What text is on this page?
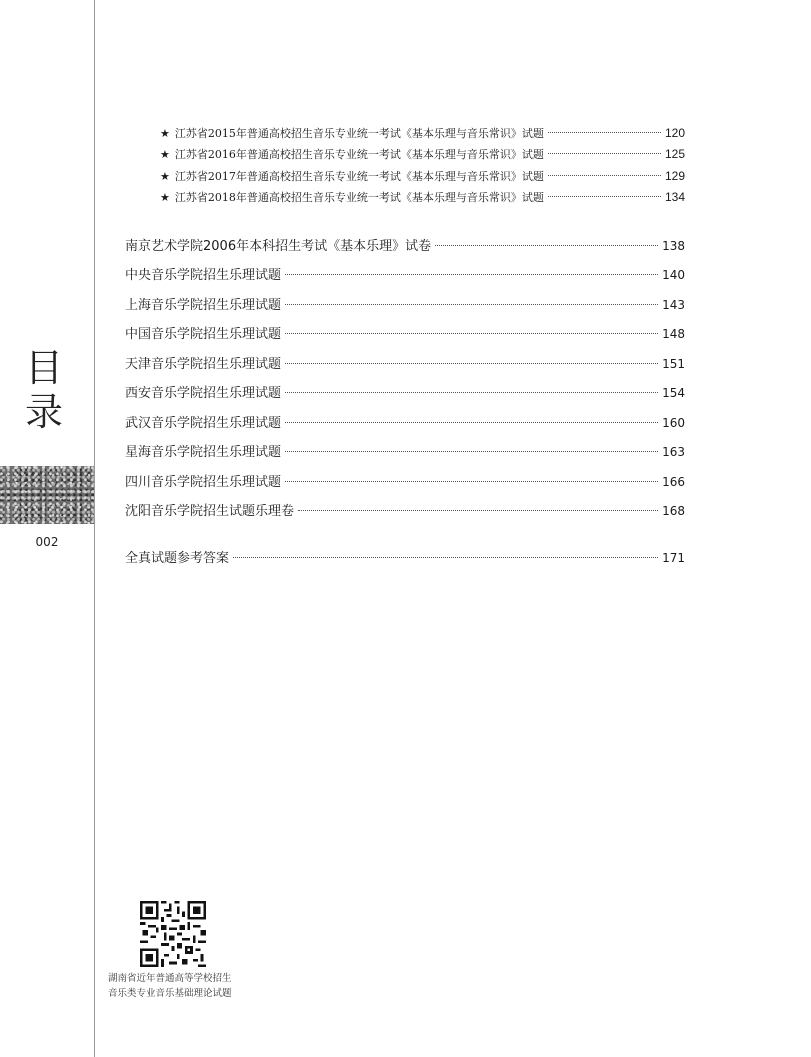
目
录
002
★ 江苏省2015年普通高校招生音乐专业统一考试《基本乐理与音乐常识》试题	120
★ 江苏省2016年普通高校招生音乐专业统一考试《基本乐理与音乐常识》试题	125
★ 江苏省2017年普通高校招生音乐专业统一考试《基本乐理与音乐常识》试题	129
★ 江苏省2018年普通高校招生音乐专业统一考试《基本乐理与音乐常识》试题	134
南京艺术学院2006年本科招生考试《基本乐理》试卷	138
中央音乐学院招生乐理试题	140
上海音乐学院招生乐理试题	143
中国音乐学院招生乐理试题	148
天津音乐学院招生乐理试题	151
西安音乐学院招生乐理试题	154
武汉音乐学院招生乐理试题	160
星海音乐学院招生乐理试题	163
四川音乐学院招生乐理试题	166
沈阳音乐学院招生试题乐理卷	168
全真试题参考答案	171
湖南省近年普通高等学校招生
音乐类专业音乐基础理论试题
